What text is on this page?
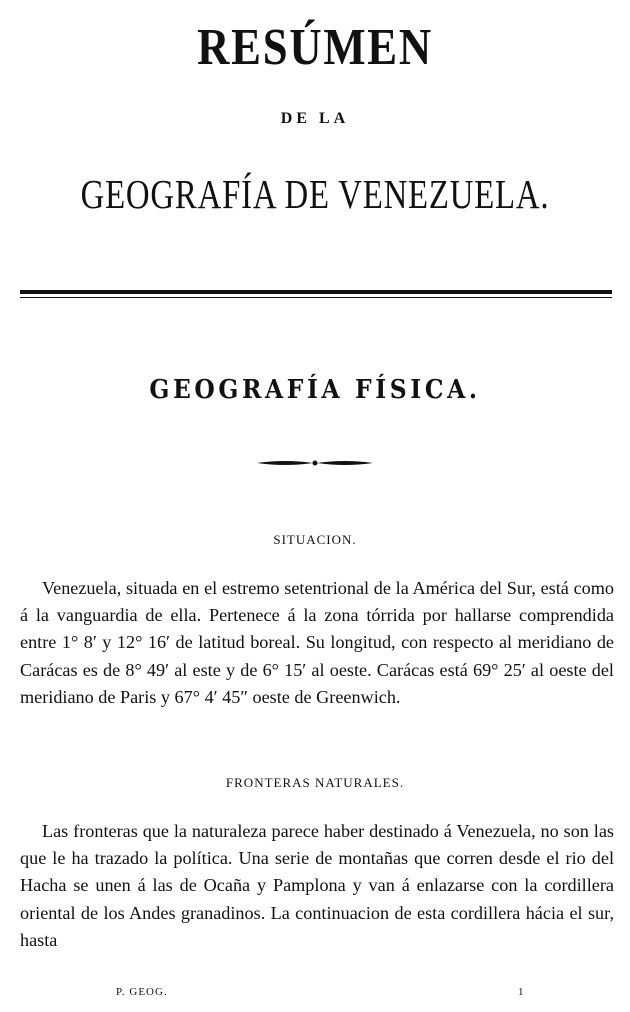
RESÚMEN
DE LA
GEOGRAFÍA DE VENEZUELA.
GEOGRAFÍA FÍSICA.
SITUACION.

Venezuela, situada en el estremo setentrional de la América del Sur, está como á la vanguardia de ella. Pertenece á la zona tórrida por hallarse comprendida entre 1° 8′ y 12° 16′ de latitud boreal. Su longitud, con respecto al meridiano de Carácas es de 8° 49′ al este y de 6° 15′ al oeste. Carácas está 69° 25′ al oeste del meridiano de Paris y 67° 4′ 45″ oeste de Greenwich.

FRONTERAS NATURALES.

Las fronteras que la naturaleza parece haber destinado á Venezuela, no son las que le ha trazado la política. Una serie de montañas que corren desde el rio del Hacha se unen á las de Ocaña y Pamplona y van á enlazarse con la cordillera oriental de los Andes granadinos. La continuacion de esta cordillera hácia el sur, hasta

P. GEOG.	1
